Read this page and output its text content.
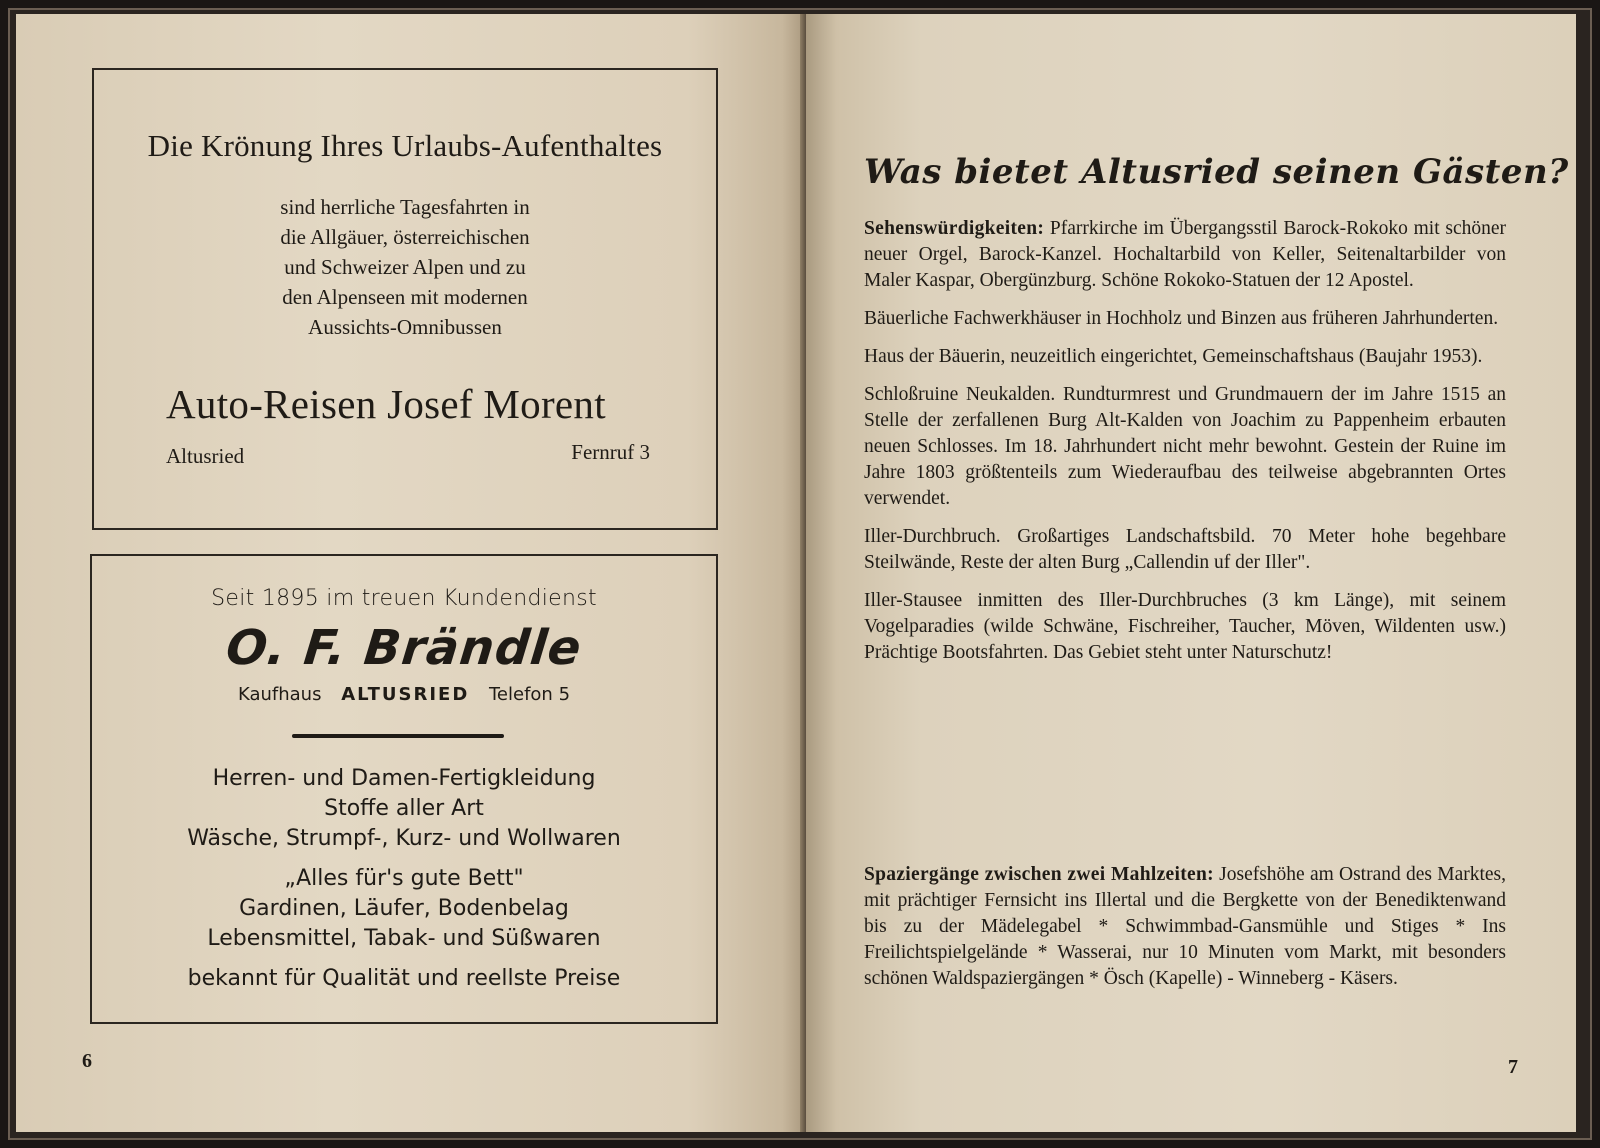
Die Krönung Ihres Urlaubs-Aufenthaltes
sind herrliche Tagesfahrten in
die Allgäuer, österreichischen
und Schweizer Alpen und zu
den Alpenseen mit modernen
Aussichts-Omnibussen
Auto-Reisen Josef Morent
Altusried	Fernruf 3
Seit 1895 im treuen Kundendienst
O. F. Brändle
Kaufhaus ALTUSRIED Telefon 5
Herren- und Damen-Fertigkleidung
Stoffe aller Art
Wäsche, Strumpf-, Kurz- und Wollwaren
„Alles für's gute Bett"
Gardinen, Läufer, Bodenbelag
Lebensmittel, Tabak- und Süßwaren
bekannt für Qualität und reellste Preise
6
Was bietet Altusried seinen Gästen?

Sehenswürdigkeiten: Pfarrkirche im Übergangsstil Barock-Rokoko mit schöner neuer Orgel, Barock-Kanzel. Hochaltarbild von Keller, Seitenaltarbilder von Maler Kaspar, Obergünzburg. Schöne Rokoko-Statuen der 12 Apostel.

Bäuerliche Fachwerkhäuser in Hochholz und Binzen aus früheren Jahrhunderten.

Haus der Bäuerin, neuzeitlich eingerichtet, Gemeinschaftshaus (Baujahr 1953).

Schloßruine Neukalden. Rundturmrest und Grundmauern der im Jahre 1515 an Stelle der zerfallenen Burg Alt-Kalden von Joachim zu Pappenheim erbauten neuen Schlosses. Im 18. Jahrhundert nicht mehr bewohnt. Gestein der Ruine im Jahre 1803 größtenteils zum Wiederaufbau des teilweise abgebrannten Ortes verwendet.

Iller-Durchbruch. Großartiges Landschaftsbild. 70 Meter hohe begehbare Steilwände, Reste der alten Burg „Callendin uf der Iller".

Iller-Stausee inmitten des Iller-Durchbruches (3 km Länge), mit seinem Vogelparadies (wilde Schwäne, Fischreiher, Taucher, Möven, Wildenten usw.) Prächtige Bootsfahrten. Das Gebiet steht unter Naturschutz!

Spaziergänge zwischen zwei Mahlzeiten: Josefshöhe am Ostrand des Marktes, mit prächtiger Fernsicht ins Illertal und die Bergkette von der Benediktenwand bis zu der Mädelegabel * Schwimmbad-Gansmühle und Stiges * Ins Freilichtspielgelände * Wasserai, nur 10 Minuten vom Markt, mit besonders schönen Waldspaziergängen * Ösch (Kapelle) - Winneberg - Käsers.

7
